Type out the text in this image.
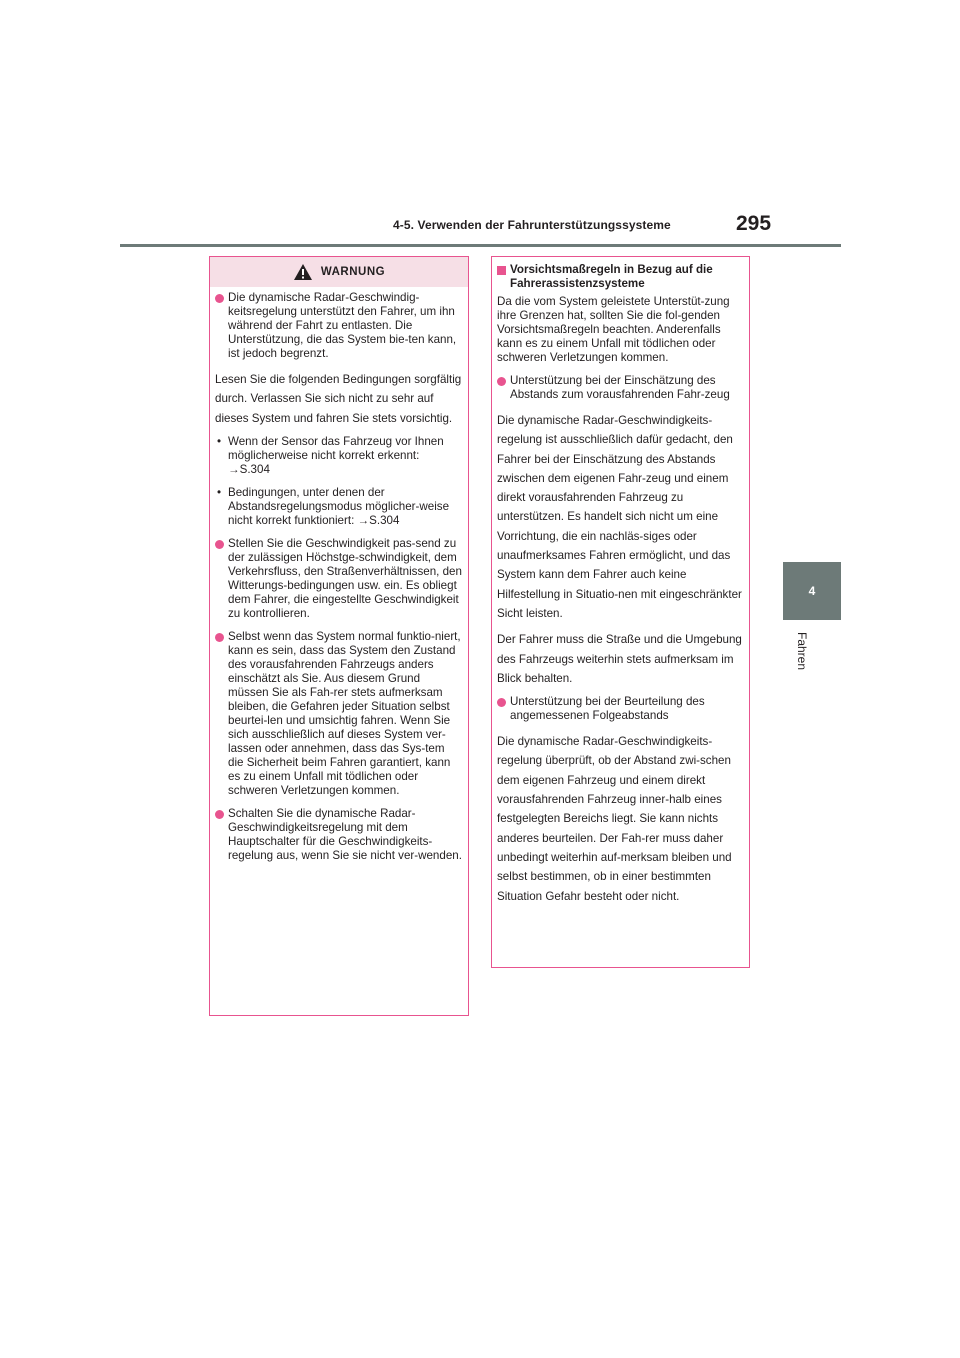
4-5. Verwenden der Fahrunterstützungssysteme	295
4
Fahren
WARNUNG

Die dynamische Radar-Geschwindig-keitsregelung unterstützt den Fahrer, um ihn während der Fahrt zu entlasten. Die Unterstützung, die das System bie-ten kann, ist jedoch begrenzt.

Lesen Sie die folgenden Bedingungen sorgfältig durch. Verlassen Sie sich nicht zu sehr auf dieses System und fahren Sie stets vorsichtig.

• Wenn der Sensor das Fahrzeug vor Ihnen möglicherweise nicht korrekt erkennt: →S.304
• Bedingungen, unter denen der Abstandsregelungsmodus möglicher-weise nicht korrekt funktioniert: →S.304

Stellen Sie die Geschwindigkeit pas-send zu der zulässigen Höchstge-schwindigkeit, dem Verkehrsfluss, den Straßenverhältnissen, den Witterungs-bedingungen usw. ein. Es obliegt dem Fahrer, die eingestellte Geschwindigkeit zu kontrollieren.

Selbst wenn das System normal funktio-niert, kann es sein, dass das System den Zustand des vorausfahrenden Fahrzeugs anders einschätzt als Sie. Aus diesem Grund müssen Sie als Fah-rer stets aufmerksam bleiben, die Gefahren jeder Situation selbst beurtei-len und umsichtig fahren. Wenn Sie sich ausschließlich auf dieses System ver-lassen oder annehmen, dass das Sys-tem die Sicherheit beim Fahren garantiert, kann es zu einem Unfall mit tödlichen oder schweren Verletzungen kommen.

Schalten Sie die dynamische Radar-Geschwindigkeitsregelung mit dem Hauptschalter für die Geschwindigkeits-regelung aus, wenn Sie sie nicht ver-wenden.

Vorsichtsmaßregeln in Bezug auf die Fahrerassistenzsysteme

Da die vom System geleistete Unterstüt-zung ihre Grenzen hat, sollten Sie die fol-genden Vorsichtsmaßregeln beachten. Anderenfalls kann es zu einem Unfall mit tödlichen oder schweren Verletzungen kommen.

Unterstützung bei der Einschätzung des Abstands zum vorausfahrenden Fahr-zeug

Die dynamische Radar-Geschwindigkeits-regelung ist ausschließlich dafür gedacht, den Fahrer bei der Einschätzung des Abstands zwischen dem eigenen Fahr-zeug und einem direkt vorausfahrenden Fahrzeug zu unterstützen. Es handelt sich nicht um eine Vorrichtung, die ein nachläs-siges oder unaufmerksames Fahren ermöglicht, und das System kann dem Fahrer auch keine Hilfestellung in Situatio-nen mit eingeschränkter Sicht leisten.

Der Fahrer muss die Straße und die Umgebung des Fahrzeugs weiterhin stets aufmerksam im Blick behalten.

Unterstützung bei der Beurteilung des angemessenen Folgeabstands

Die dynamische Radar-Geschwindigkeits-regelung überprüft, ob der Abstand zwi-schen dem eigenen Fahrzeug und einem direkt vorausfahrenden Fahrzeug inner-halb eines festgelegten Bereichs liegt. Sie kann nichts anderes beurteilen. Der Fah-rer muss daher unbedingt weiterhin auf-merksam bleiben und selbst bestimmen, ob in einer bestimmten Situation Gefahr besteht oder nicht.
